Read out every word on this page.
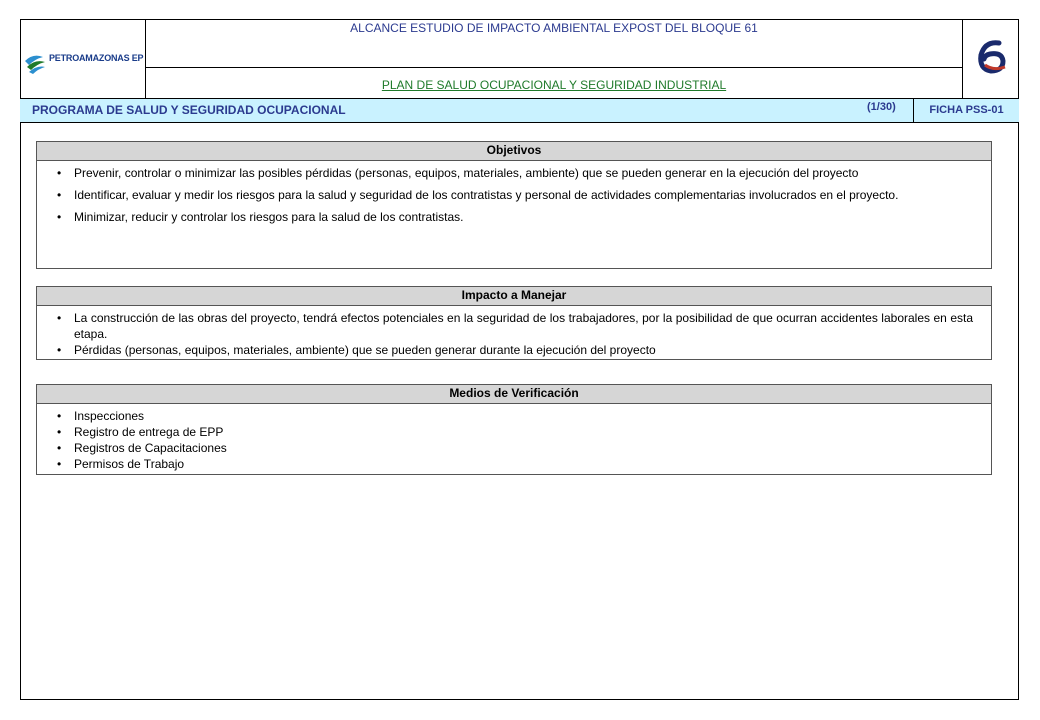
PETROAMAZONAS EP
ALCANCE ESTUDIO DE IMPACTO AMBIENTAL EXPOST DEL BLOQUE 61
PLAN DE SALUD OCUPACIONAL Y SEGURIDAD INDUSTRIAL
PROGRAMA DE SALUD Y SEGURIDAD OCUPACIONAL	(1/30)	FICHA PSS-01
Objetivos
• Prevenir, controlar o minimizar las posibles pérdidas (personas, equipos, materiales, ambiente) que se pueden generar en la ejecución del proyecto
• Identificar, evaluar y medir los riesgos para la salud y seguridad de los contratistas y personal de actividades complementarias involucrados en el proyecto.
• Minimizar, reducir y controlar los riesgos para la salud de los contratistas.
Impacto a Manejar
• La construcción de las obras del proyecto, tendrá efectos potenciales en la seguridad de los trabajadores, por la posibilidad de que ocurran accidentes laborales en esta etapa.
• Pérdidas (personas, equipos, materiales, ambiente) que se pueden generar durante la ejecución del proyecto
Medios de Verificación
• Inspecciones
• Registro de entrega de EPP
• Registros de Capacitaciones
• Permisos de Trabajo
